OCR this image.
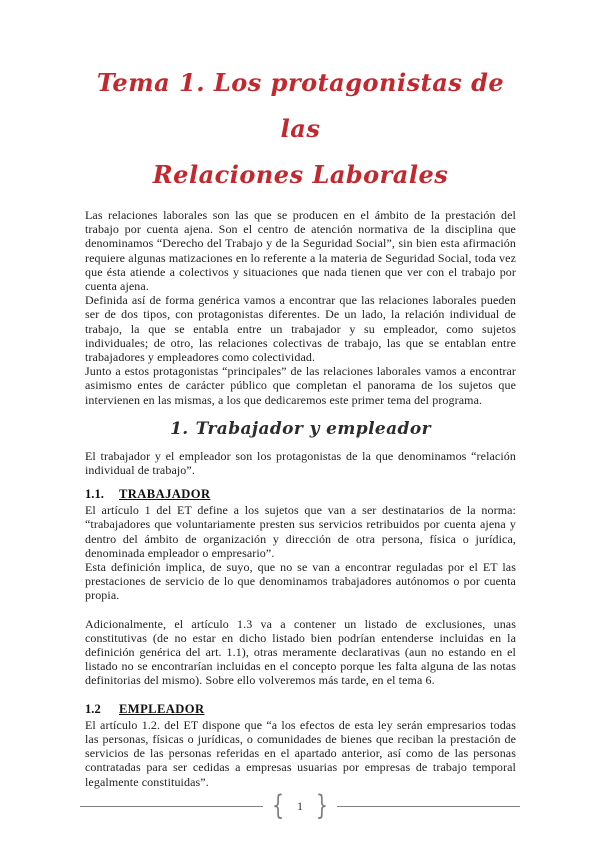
Tema 1. Los protagonistas de las
Relaciones Laborales

Las relaciones laborales son las que se producen en el ámbito de la prestación del trabajo por cuenta ajena. Son el centro de atención normativa de la disciplina que denominamos “Derecho del Trabajo y de la Seguridad Social”, sin bien esta afirmación requiere algunas matizaciones en lo referente a la materia de Seguridad Social, toda vez que ésta atiende a colectivos y situaciones que nada tienen que ver con el trabajo por cuenta ajena.

Definida así de forma genérica vamos a encontrar que las relaciones laborales pueden ser de dos tipos, con protagonistas diferentes. De un lado, la relación individual de trabajo, la que se entabla entre un trabajador y su empleador, como sujetos individuales; de otro, las relaciones colectivas de trabajo, las que se entablan entre trabajadores y empleadores como colectividad.

Junto a estos protagonistas “principales” de las relaciones laborales vamos a encontrar asimismo entes de carácter público que completan el panorama de los sujetos que intervienen en las mismas, a los que dedicaremos este primer tema del programa.

1. Trabajador y empleador

El trabajador y el empleador son los protagonistas de la que denominamos “relación individual de trabajo”.

1.1. TRABAJADOR

El artículo 1 del ET define a los sujetos que van a ser destinatarios de la norma: “trabajadores que voluntariamente presten sus servicios retribuidos por cuenta ajena y dentro del ámbito de organización y dirección de otra persona, física o jurídica, denominada empleador o empresario”.

Esta definición implica, de suyo, que no se van a encontrar reguladas por el ET las prestaciones de servicio de lo que denominamos trabajadores autónomos o por cuenta propia.

Adicionalmente, el artículo 1.3 va a contener un listado de exclusiones, unas constitutivas (de no estar en dicho listado bien podrían entenderse incluidas en la definición genérica del art. 1.1), otras meramente declarativas (aun no estando en el listado no se encontrarían incluidas en el concepto porque les falta alguna de las notas definitorias del mismo). Sobre ello volveremos más tarde, en el tema 6.

1.2 EMPLEADOR

El artículo 1.2. del ET dispone que “a los efectos de esta ley serán empresarios todas las personas, físicas o jurídicas, o comunidades de bienes que reciban la prestación de servicios de las personas referidas en el apartado anterior, así como de las personas contratadas para ser cedidas a empresas usuarias por empresas de trabajo temporal legalmente constituidas”.

{	1 }
